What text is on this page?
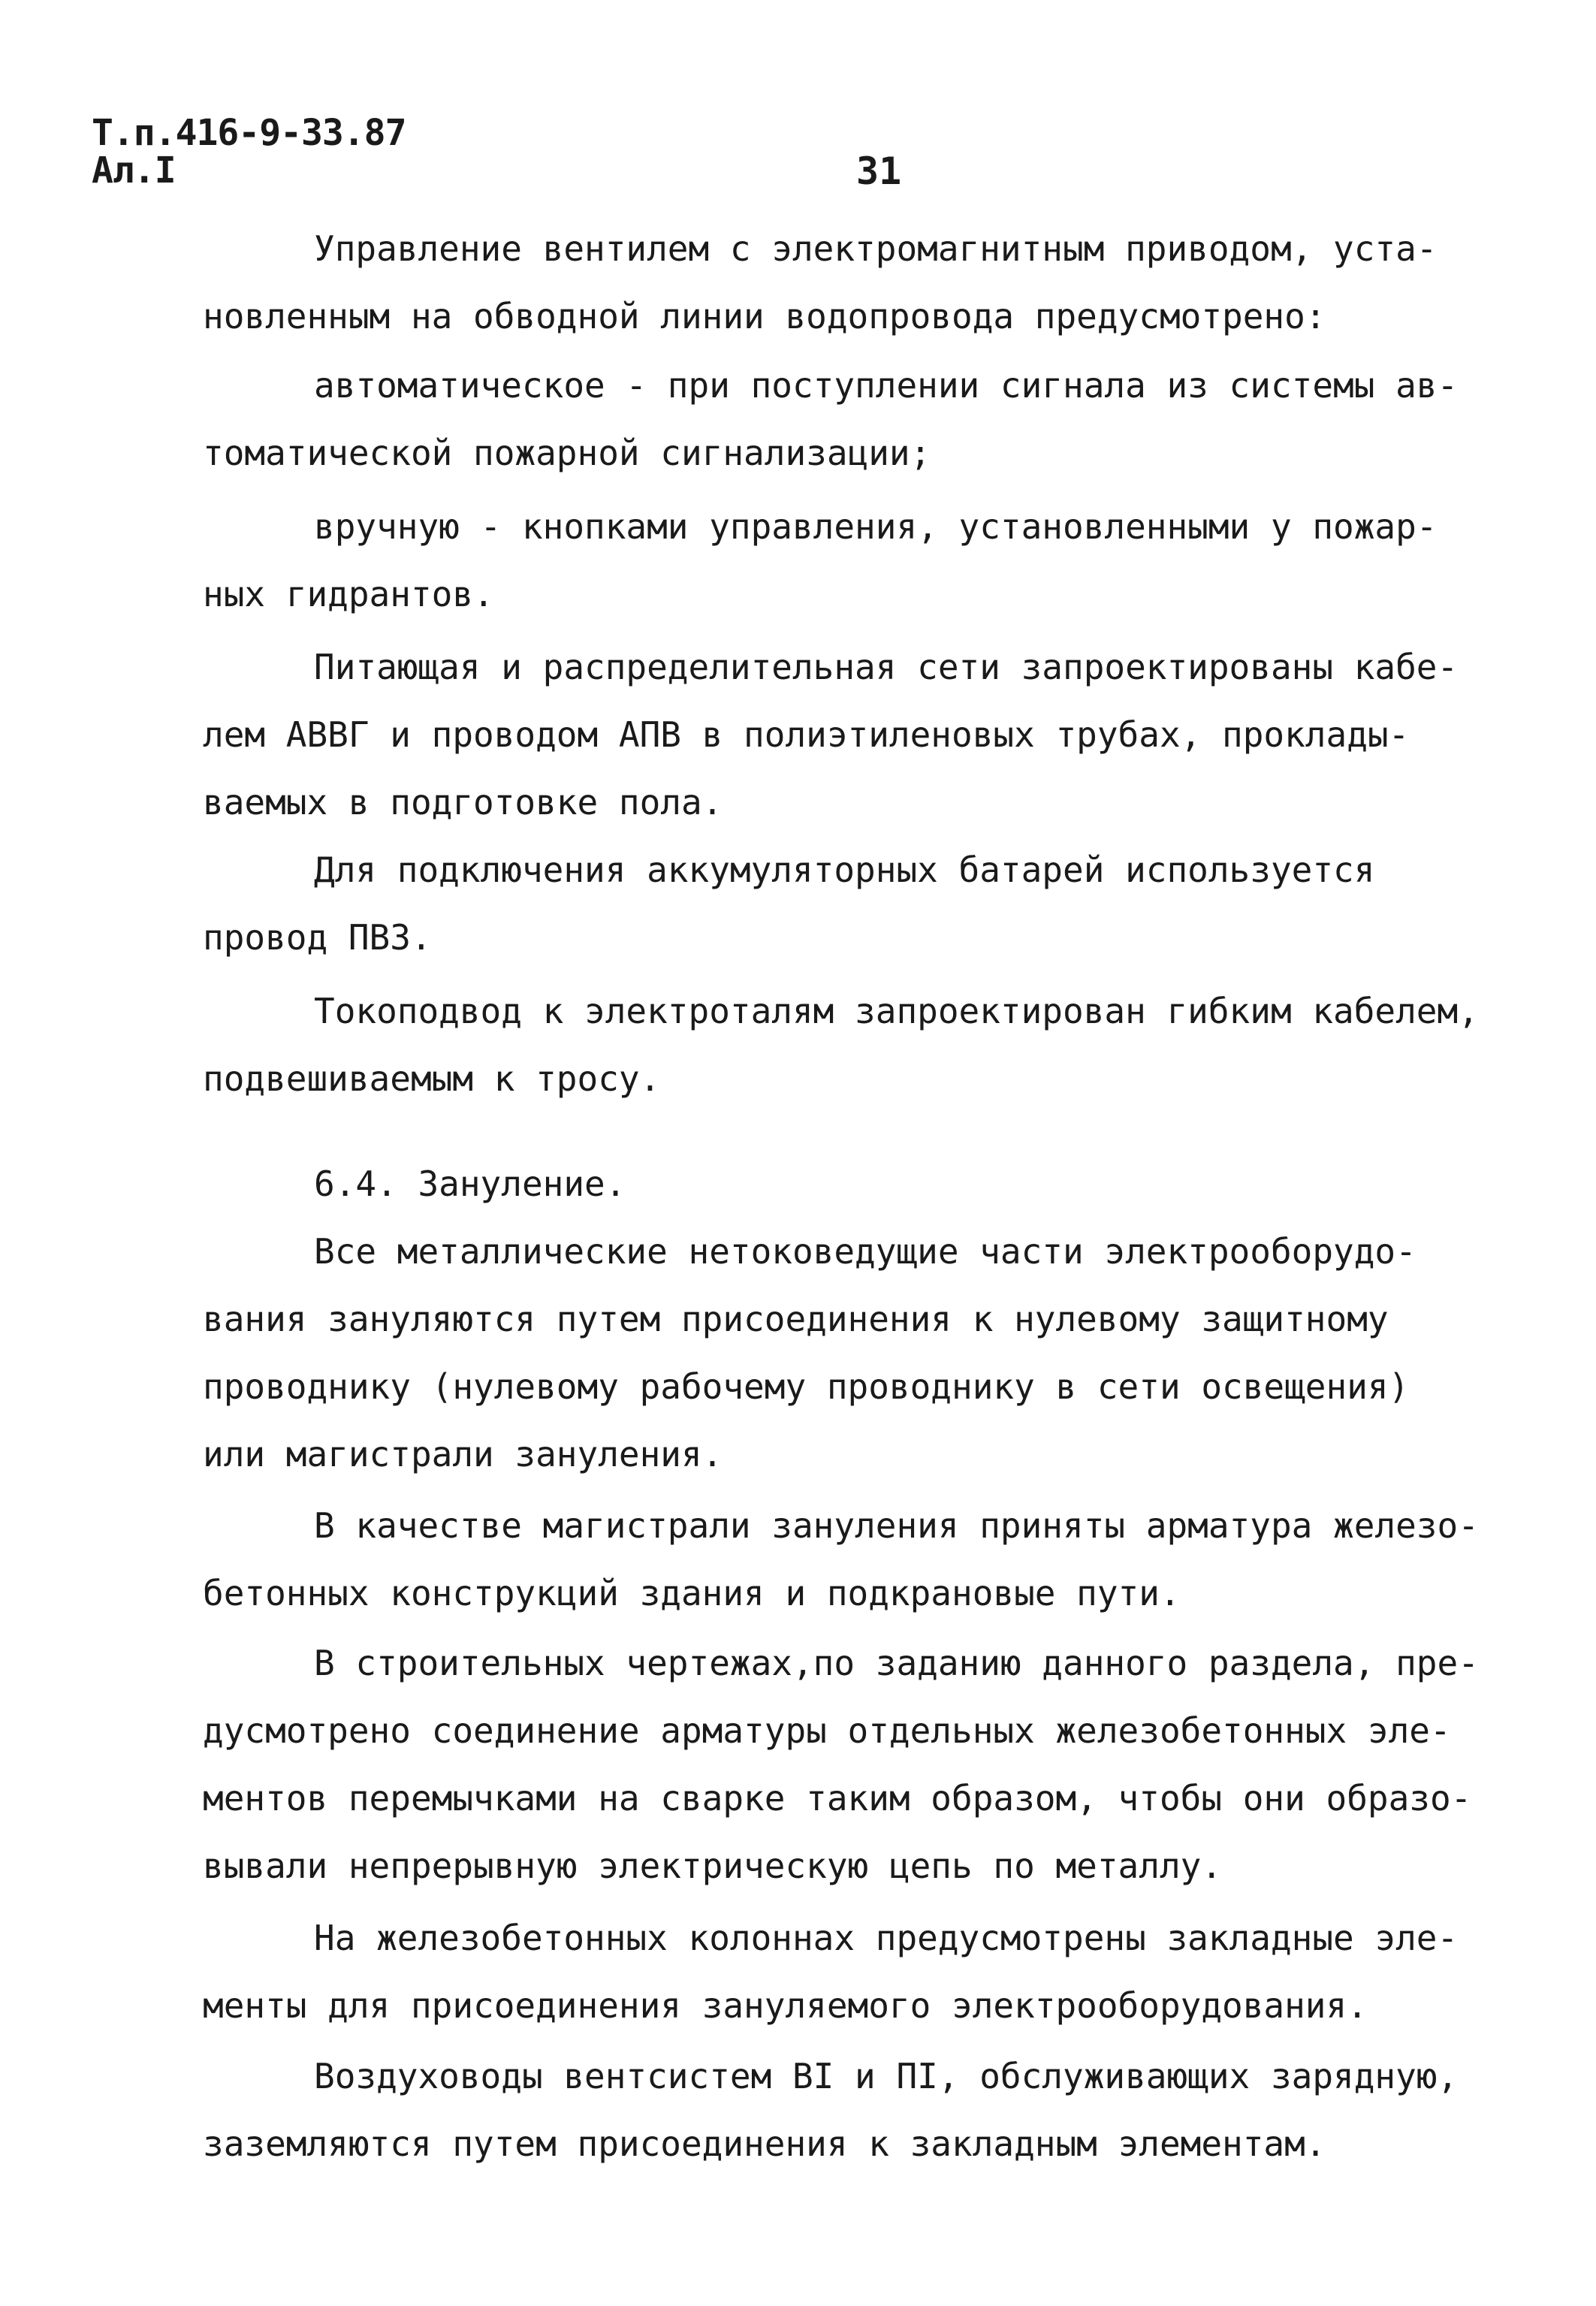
Т.п.416-9-33.87
Ал.I	31
Управление вентилем с электромагнитным приводом, уста-
новленным на обводной линии водопровода предусмотрено:
автоматическое - при поступлении сигнала из системы ав-
томатической пожарной сигнализации;
вручную - кнопками управления, установленными у пожар-
ных гидрантов.
Питающая и распределительная сети запроектированы кабе-
лем АВВГ и проводом АПВ в полиэтиленовых трубах, проклады-
ваемых в подготовке пола.
Для подключения аккумуляторных батарей используется
провод ПВЗ.
Токоподвод к электроталям запроектирован гибким кабелем,
подвешиваемым к тросу.
6.4. Зануление.
Все металлические нетоковедущие части электрооборудо-
вания зануляются путем присоединения к нулевому защитному
проводнику (нулевому рабочему проводнику в сети освещения)
или магистрали зануления.
В качестве магистрали зануления приняты арматура железо-
бетонных конструкций здания и подкрановые пути.
В строительных чертежах,по заданию данного раздела, пре-
дусмотрено соединение арматуры отдельных железобетонных эле-
ментов перемычками на сварке таким образом, чтобы они образо-
вывали непрерывную электрическую цепь по металлу.
На железобетонных колоннах предусмотрены закладные эле-
менты для присоединения зануляемого электрооборудования.
Воздуховоды вентсистем ВI и ПI, обслуживающих зарядную,
заземляются путем присоединения к закладным элементам.
